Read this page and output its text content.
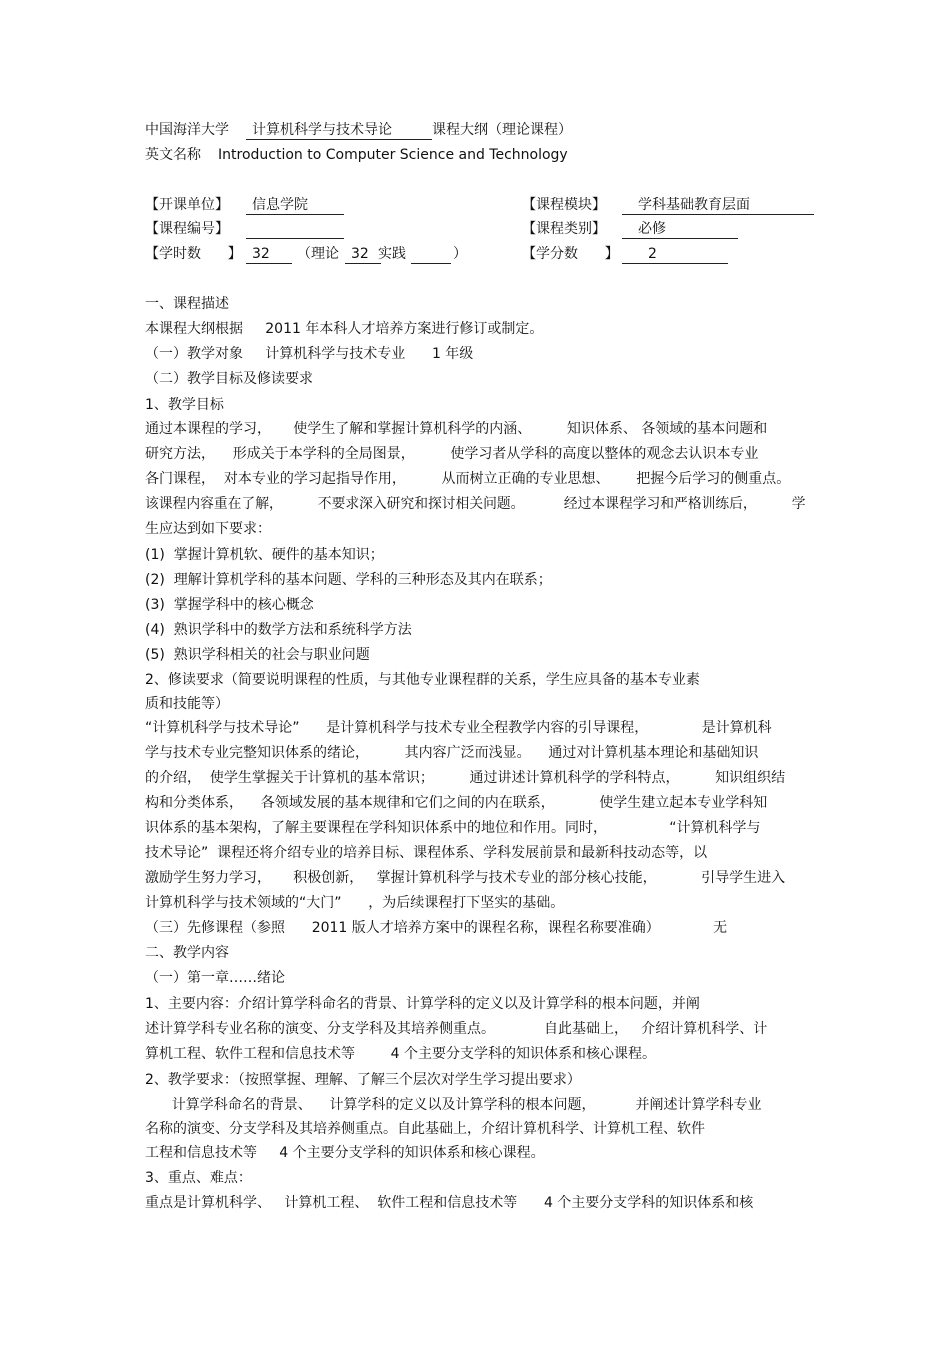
中国海洋大学	计算机科学与技术导论	课程大纲（理论课程）
英文名称 Introduction to Computer Science and Technology
【开课单位】	信息学院	【课程模块】	学科基础教育层面
【课程编号】	【课程类别】	必修
【学时数      】 32	（理论 32 实践	）	【学分数      】	2
一、课程描述
本课程大纲根据     2011 年本科人才培养方案进行修订或制定。
（一）教学对象     计算机科学与技术专业      1 年级
（二）教学目标及修读要求
1、教学目标
通过本课程的学习，     使学生了解和掌握计算机科学的内涵、        知识体系、 各领域的基本问题和
研究方法，    形成关于本学科的全局图景，        使学习者从学科的高度以整体的观念去认识本专业
各门课程，  对本专业的学习起指导作用，        从而树立正确的专业思想、      把握今后学习的侧重点。
该课程内容重在了解，        不要求深入研究和探讨相关问题。         经过本课程学习和严格训练后，        学
生应达到如下要求：
(1)  掌握计算机软、硬件的基本知识；
(2)  理解计算机学科的基本问题、学科的三种形态及其内在联系；
(3)  掌握学科中的核心概念
(4)  熟识学科中的数学方法和系统科学方法
(5)  熟识学科相关的社会与职业问题
2、修读要求（简要说明课程的性质，与其他专业课程群的关系，学生应具备的基本专业素
质和技能等）
“计算机科学与技术导论”      是计算机科学与技术专业全程教学内容的引导课程，            是计算机科
学与技术专业完整知识体系的绪论，        其内容广泛而浅显。    通过对计算机基本理论和基础知识
的介绍，  使学生掌握关于计算机的基本常识；        通过讲述计算机科学的学科特点，        知识组织结
构和分类体系，    各领域发展的基本规律和它们之间的内在联系，          使学生建立起本专业学科知
识体系的基本架构，了解主要课程在学科知识体系中的地位和作用。同时，              “计算机科学与
技术导论”  课程还将介绍专业的培养目标、课程体系、学科发展前景和最新科技动态等，以
激励学生努力学习，     积极创新，   掌握计算机科学与技术专业的部分核心技能，          引导学生进入
计算机科学与技术领域的“大门”      ，为后续课程打下坚实的基础。
（三）先修课程（参照      2011 版人才培养方案中的课程名称，课程名称要准确）            无
二、教学内容
（一）第一章……绪论
1、主要内容：介绍计算学科命名的背景、计算学科的定义以及计算学科的根本问题，并阐
述计算学科专业名称的演变、分支学科及其培养侧重点。           自此基础上，   介绍计算机科学、计
算机工程、软件工程和信息技术等        4 个主要分支学科的知识体系和核心课程。
2、教学要求：（按照掌握、理解、了解三个层次对学生学习提出要求）
计算学科命名的背景、    计算学科的定义以及计算学科的根本问题，         并阐述计算学科专业
名称的演变、分支学科及其培养侧重点。自此基础上，介绍计算机科学、计算机工程、软件
工程和信息技术等     4 个主要分支学科的知识体系和核心课程。
3、重点、难点：
重点是计算机科学、   计算机工程、  软件工程和信息技术等      4 个主要分支学科的知识体系和核
